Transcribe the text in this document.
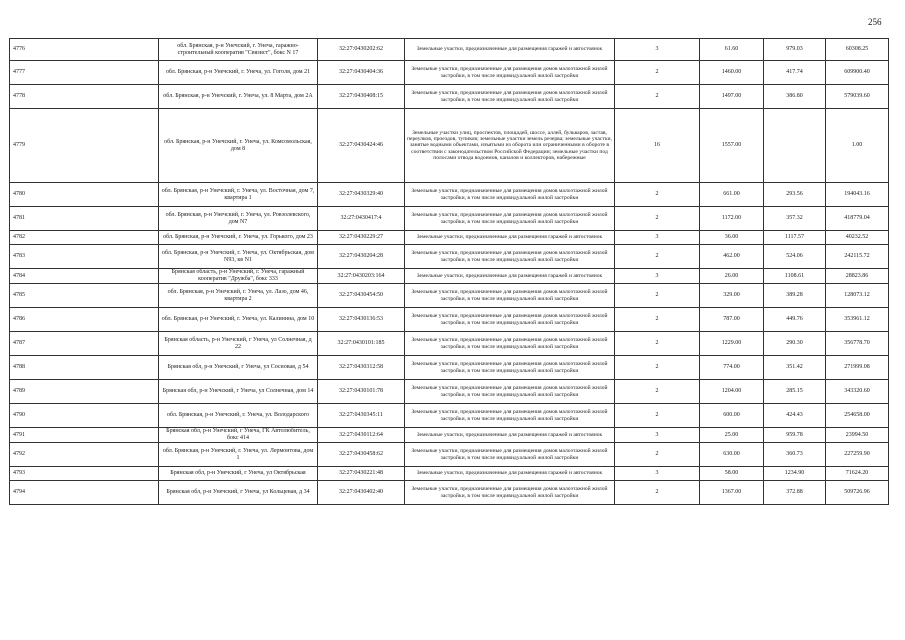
256
4776	обл. Брянская, р-н Унечский, г. Унеча, гаражно-строительный кооператив "Связист", бокс N 17	32:27:0430202:62	Земельные участки, предназначенные для размещения гаражей и автостоянок	3	61.60	979.03	60308.25
4777	обл. Брянская, р-н Унечский, г. Унеча, ул. Гоголя, дом 21	32:27:0430404:36	Земельные участки, предназначенные для размещения домов малоэтажной жилой застройки, в том числе индивидуальной жилой застройки	2	1460.00	417.74	609900.40
4778	обл. Брянская, р-н Унечский, г. Унеча, ул. 8 Марта, дом 2А	32:27:0430408:15	Земельные участки, предназначенные для размещения домов малоэтажной жилой застройки, в том числе индивидуальной жилой застройки	2	1497.00	386.80	579039.60
4779	обл. Брянская, р-н Унечский, г. Унеча, ул. Комсомольская, дом 8	32:27:0430424:46	Земельные участки улиц, проспектов, площадей, шоссе, аллей, бульваров, застав, переулков, проездов, тупиков; земельные участки земель резерва; земельные участки, занятые водными объектами, изъятыми из оборота или ограниченными в обороте в соответствии с законодательством Российской Федерации; земельные участки под полосами отвода водоемов, каналов и коллекторов, набережные	16	1557.00		1.00
4780	обл. Брянская, р-н Унечский, г. Унеча, ул. Восточная, дом 7, квартира 1	32:27:0430329:40	Земельные участки, предназначенные для размещения домов малоэтажной жилой застройки, в том числе индивидуальной жилой застройки	2	661.00	293.56	194043.16
4781	обл. Брянская, р-н Унечский, г. Унеча, ул. Ровзолевского, дом N7	32:27:0430417:4	Земельные участки, предназначенные для размещения домов малоэтажной жилой застройки, в том числе индивидуальной жилой застройки	2	1172.00	357.32	418779.04
4782	обл. Брянская, р-н Унечский, г. Унеча, ул. Горького, дом 23	32:27:0430229:27	Земельные участки, предназначенные для размещения гаражей и автостоянок	3	36.00	1117.57	40232.52
4783	обл. Брянская, р-н Унечский, г. Унеча, ул. Октябрьская, дом N93, кв N1	32:27:0430204:28	Земельные участки, предназначенные для размещения домов малоэтажной жилой застройки, в том числе индивидуальной жилой застройки	2	462.00	524.06	242115.72
4784	Брянская область, р-н Унечский, г. Унеча, гаражный кооператив "Дружба", бокс 333	32:27:0430203:164	Земельные участки, предназначенные для размещения гаражей и автостоянок	3	26.00	1108.61	28823.86
4785	обл. Брянская, р-н Унечский, г. Унеча, ул. Лазо, дом 46, квартира 2	32:27:0430454:50	Земельные участки, предназначенные для размещения домов малоэтажной жилой застройки, в том числе индивидуальной жилой застройки	2	329.00	389.28	128073.12
4786	обл. Брянская, р-н Унечский, г. Унеча, ул. Калинина, дом 10	32:27:0430136:53	Земельные участки, предназначенные для размещения домов малоэтажной жилой застройки, в том числе индивидуальной жилой застройки	2	787.00	449.76	353961.12
4787	Брянская область, р-н Унечский, г Унеча, ул Солнечная, д 22	32:27:0430101:185	Земельные участки, предназначенные для размещения домов малоэтажной жилой застройки, в том числе индивидуальной жилой застройки	2	1229.00	290.30	356778.70
4788	Брянская обл, р-н Унечский, г Унеча, ул Сосновая, д 54	32:27:0430312:58	Земельные участки, предназначенные для размещения домов малоэтажной жилой застройки, в том числе индивидуальной жилой застройки	2	774.00	351.42	271999.08
4789	Брянская обл, р-н Унечский, г Унеча, ул Солнечная, дом 14	32:27:0430101:78	Земельные участки, предназначенные для размещения домов малоэтажной жилой застройки, в том числе индивидуальной жилой застройки	2	1204.00	285.15	343320.60
4790	обл. Брянская, р-н Унечский, г. Унеча, ул. Володарского	32:27:0430345:11	Земельные участки, предназначенные для размещения домов малоэтажной жилой застройки, в том числе индивидуальной жилой застройки	2	600.00	424.43	254658.00
4791	Брянская обл, р-н Унечский, г Унеча, ГК Автолюбитель, бокс 414	32:27:0430112:64	Земельные участки, предназначенные для размещения гаражей и автостоянок	3	25.00	959.78	23994.50
4792	обл. Брянская, р-н Унечский, г. Унеча, ул. Лермонтова, дом 1	32:27:0430458:62	Земельные участки, предназначенные для размещения домов малоэтажной жилой застройки, в том числе индивидуальной жилой застройки	2	630.00	360.73	227259.90
4793	Брянская обл, р-н Унечский, г Унеча, ул Октябрьская	32:27:0430221:48	Земельные участки, предназначенные для размещения гаражей и автостоянок	3	58.00	1234.90	71624.20
4794	Брянская обл, р-н Унечский, г Унеча, ул Кольцевая, д 34	32:27:0430402:40	Земельные участки, предназначенные для размещения домов малоэтажной жилой застройки, в том числе индивидуальной жилой застройки	2	1367.00	372.88	509726.96
